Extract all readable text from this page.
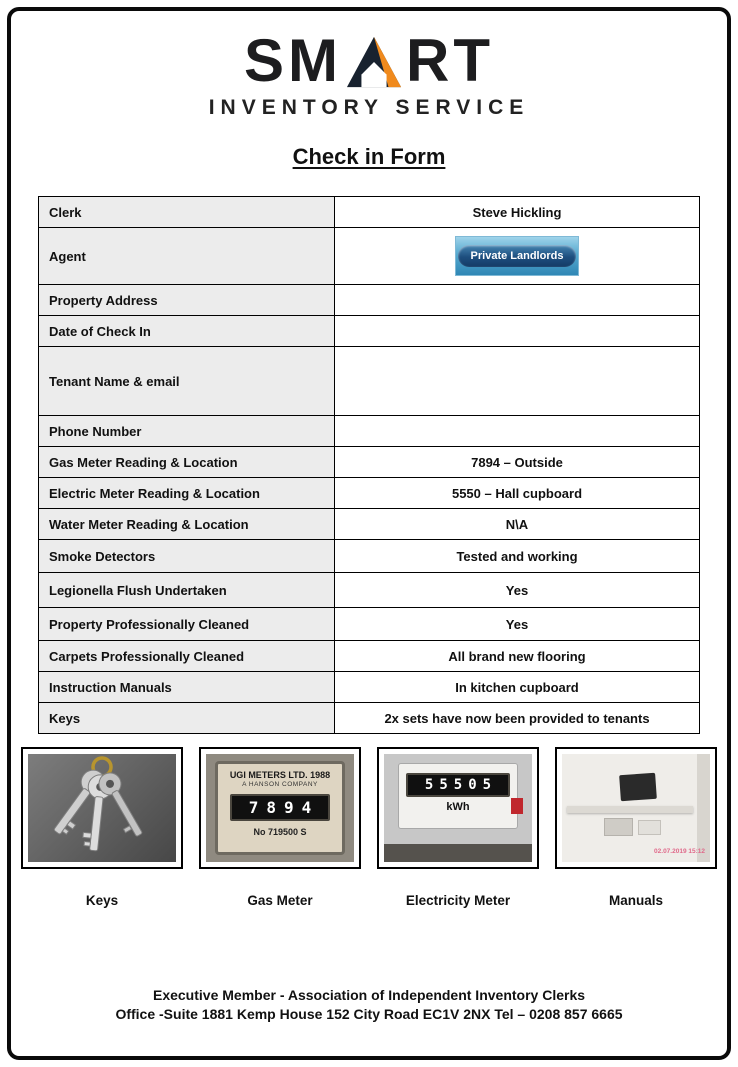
SM RT
INVENTORY SERVICE
Check in Form
Clerk	Steve Hickling
Agent	Private Landlords
Property Address
Date of Check In
Tenant Name & email
Phone Number
Gas Meter Reading & Location	7894 – Outside
Electric Meter Reading & Location	5550 – Hall cupboard
Water Meter Reading & Location	N\A
Smoke Detectors	Tested and working
Legionella Flush Undertaken	Yes
Property Professionally Cleaned	Yes
Carpets Professionally Cleaned	All brand new flooring
Instruction Manuals	In kitchen cupboard
Keys	2x sets have now been provided to tenants
Keys
UGI METERS LTD. 1988
A HANSON COMPANY
7894
No 719500 S
Gas Meter
55505
kWh
Electricity Meter
02.07.2019 15:12
Manuals
Executive Member - Association of Independent Inventory Clerks
Office -Suite 1881 Kemp House 152 City Road EC1V 2NX Tel – 0208 857 6665
